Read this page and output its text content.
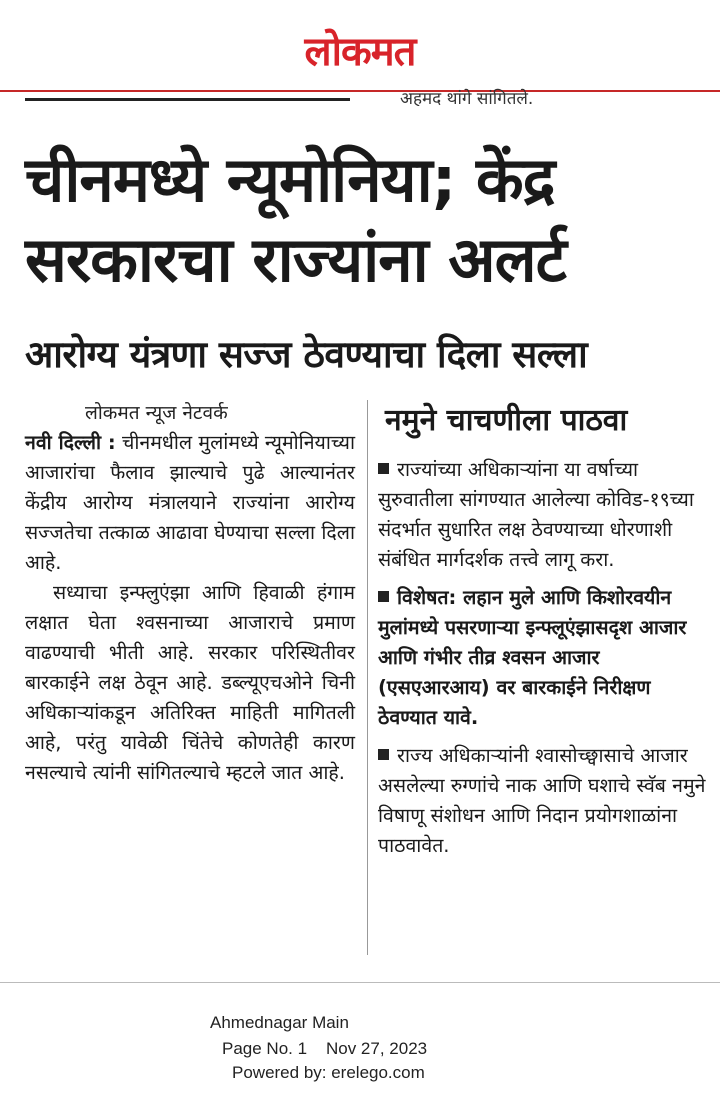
लोकमत
अहमद थांगे सांगितले.
चीनमध्ये न्यूमोनिया; केंद्र
सरकारचा राज्यांना अलर्ट
आरोग्य यंत्रणा सज्ज ठेवण्याचा दिला सल्ला
लोकमत न्यूज नेटवर्क

नवी दिल्ली : चीनमधील मुलांमध्ये न्यूमोनियाच्या आजारांचा फैलाव झाल्याचे पुढे आल्यानंतर केंद्रीय आरोग्य मंत्रालयाने राज्यांना आरोग्य सज्जतेचा तत्काळ आढावा घेण्याचा सल्ला दिला आहे.

सध्याचा इन्फ्लुएंझा आणि हिवाळी हंगाम लक्षात घेता श्वसनाच्या आजाराचे प्रमाण वाढण्याची भीती आहे. सरकार परिस्थितीवर बारकाईने लक्ष ठेवून आहे. डब्ल्यूएचओने चिनी अधिकाऱ्यांकडून अतिरिक्त माहिती मागितली आहे, परंतु यावेळी चिंतेचे कोणतेही कारण नसल्याचे त्यांनी सांगितल्याचे म्हटले जात आहे.

नमुने चाचणीला पाठवा

राज्यांच्या अधिकाऱ्यांना या वर्षाच्या सुरुवातीला सांगण्यात आलेल्या कोविड-१९च्या संदर्भात सुधारित लक्ष ठेवण्याच्या धोरणाशी संबंधित मार्गदर्शक तत्त्वे लागू करा.

विशेषत: लहान मुले आणि किशोरवयीन मुलांमध्ये पसरणाऱ्या इन्फ्लूएंझासदृश आजार आणि गंभीर तीव्र श्वसन आजार (एसएआरआय) वर बारकाईने निरीक्षण ठेवण्यात यावे.

राज्य अधिकाऱ्यांनी श्वासोच्छ्वासाचे आजार असलेल्या रुग्णांचे नाक आणि घशाचे स्वॅब नमुने विषाणू संशोधन आणि निदान प्रयोगशाळांना पाठवावेत.

Ahmednagar Main
Page No. 1 Nov 27, 2023
Powered by: erelego.com
